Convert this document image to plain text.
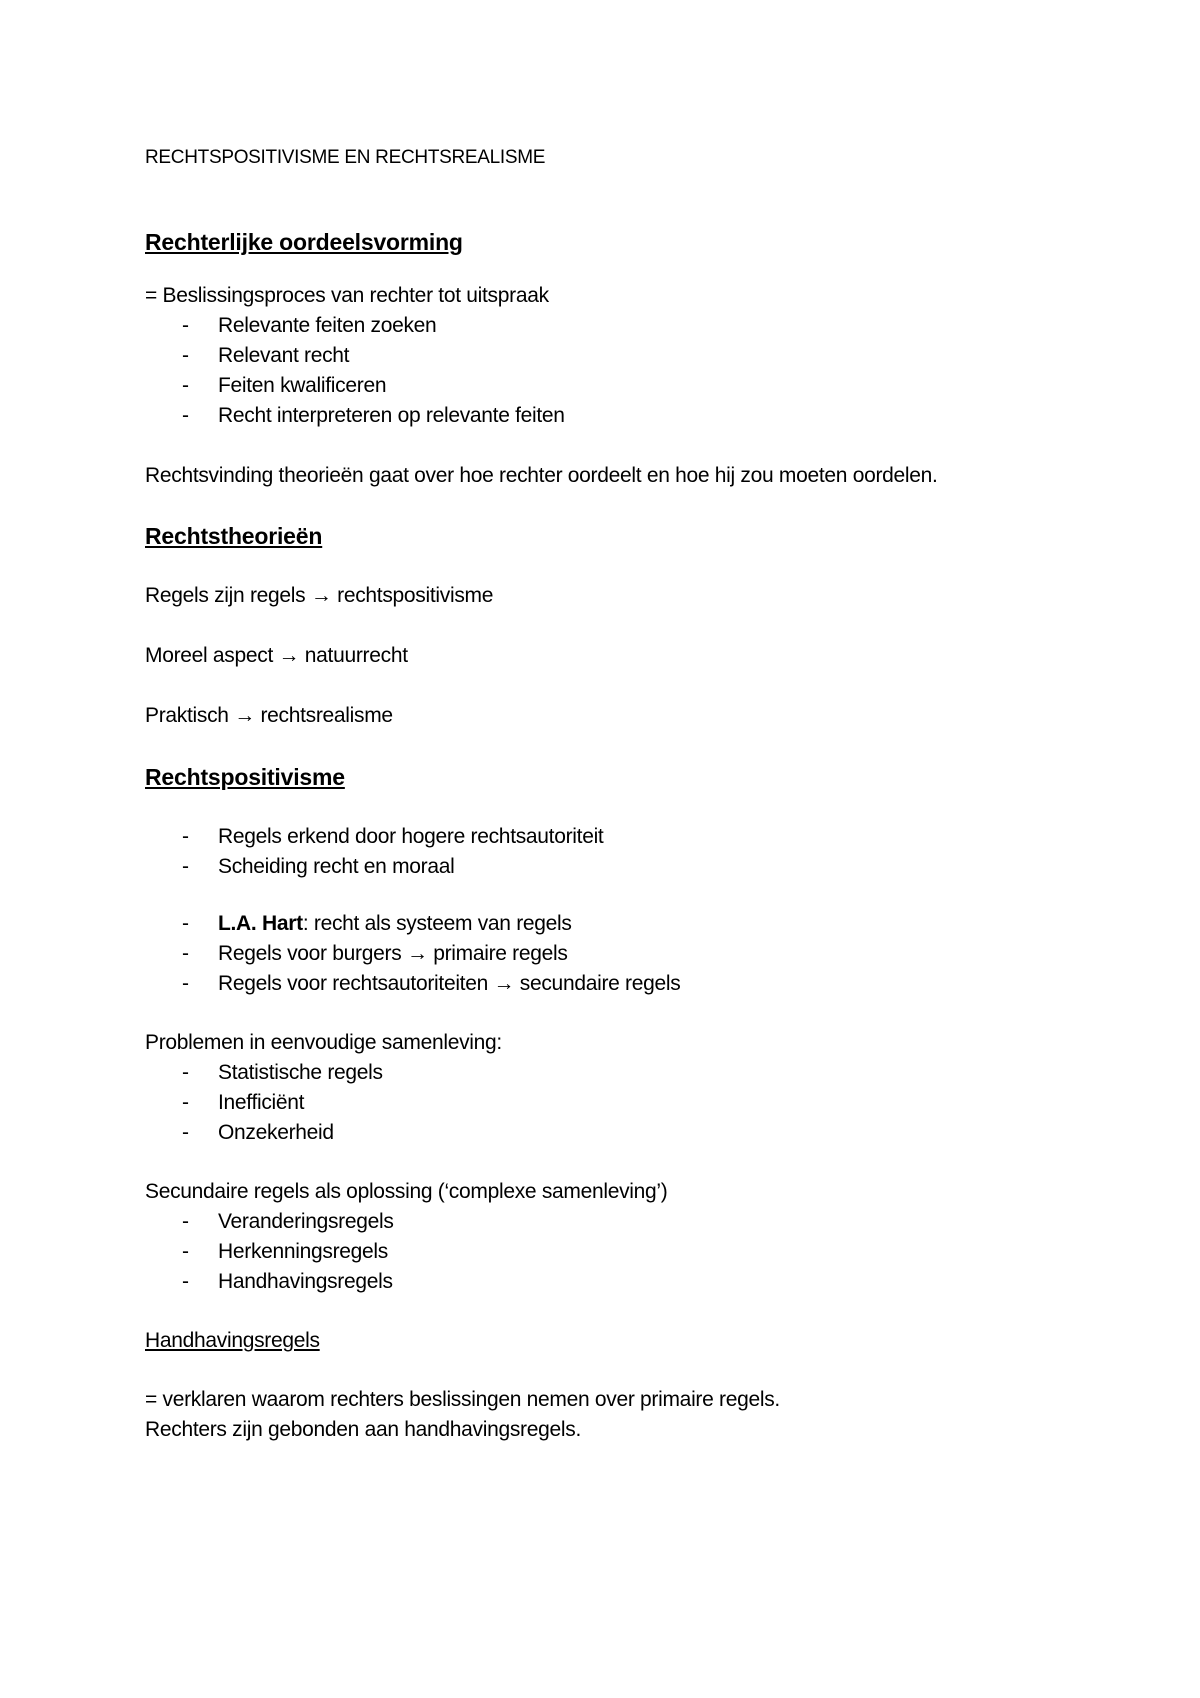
RECHTSPOSITIVISME EN RECHTSREALISME

Rechterlijke oordeelsvorming

= Beslissingsproces van rechter tot uitspraak

- Relevante feiten zoeken
- Relevant recht
- Feiten kwalificeren
- Recht interpreteren op relevante feiten

Rechtsvinding theorieën gaat over hoe rechter oordeelt en hoe hij zou moeten oordelen.

Rechtstheorieën

Regels zijn regels → rechtspositivisme

Moreel aspect → natuurrecht

Praktisch → rechtsrealisme

Rechtspositivisme
- Regels erkend door hogere rechtsautoriteit
- Scheiding recht en moraal
- L.A. Hart: recht als systeem van regels
- Regels voor burgers → primaire regels
- Regels voor rechtsautoriteiten → secundaire regels

Problemen in eenvoudige samenleving:

- Statistische regels
- Inefficiënt
- Onzekerheid

Secundaire regels als oplossing (‘complexe samenleving’)

- Veranderingsregels
- Herkenningsregels
- Handhavingsregels

Handhavingsregels

= verklaren waarom rechters beslissingen nemen over primaire regels.

Rechters zijn gebonden aan handhavingsregels.
